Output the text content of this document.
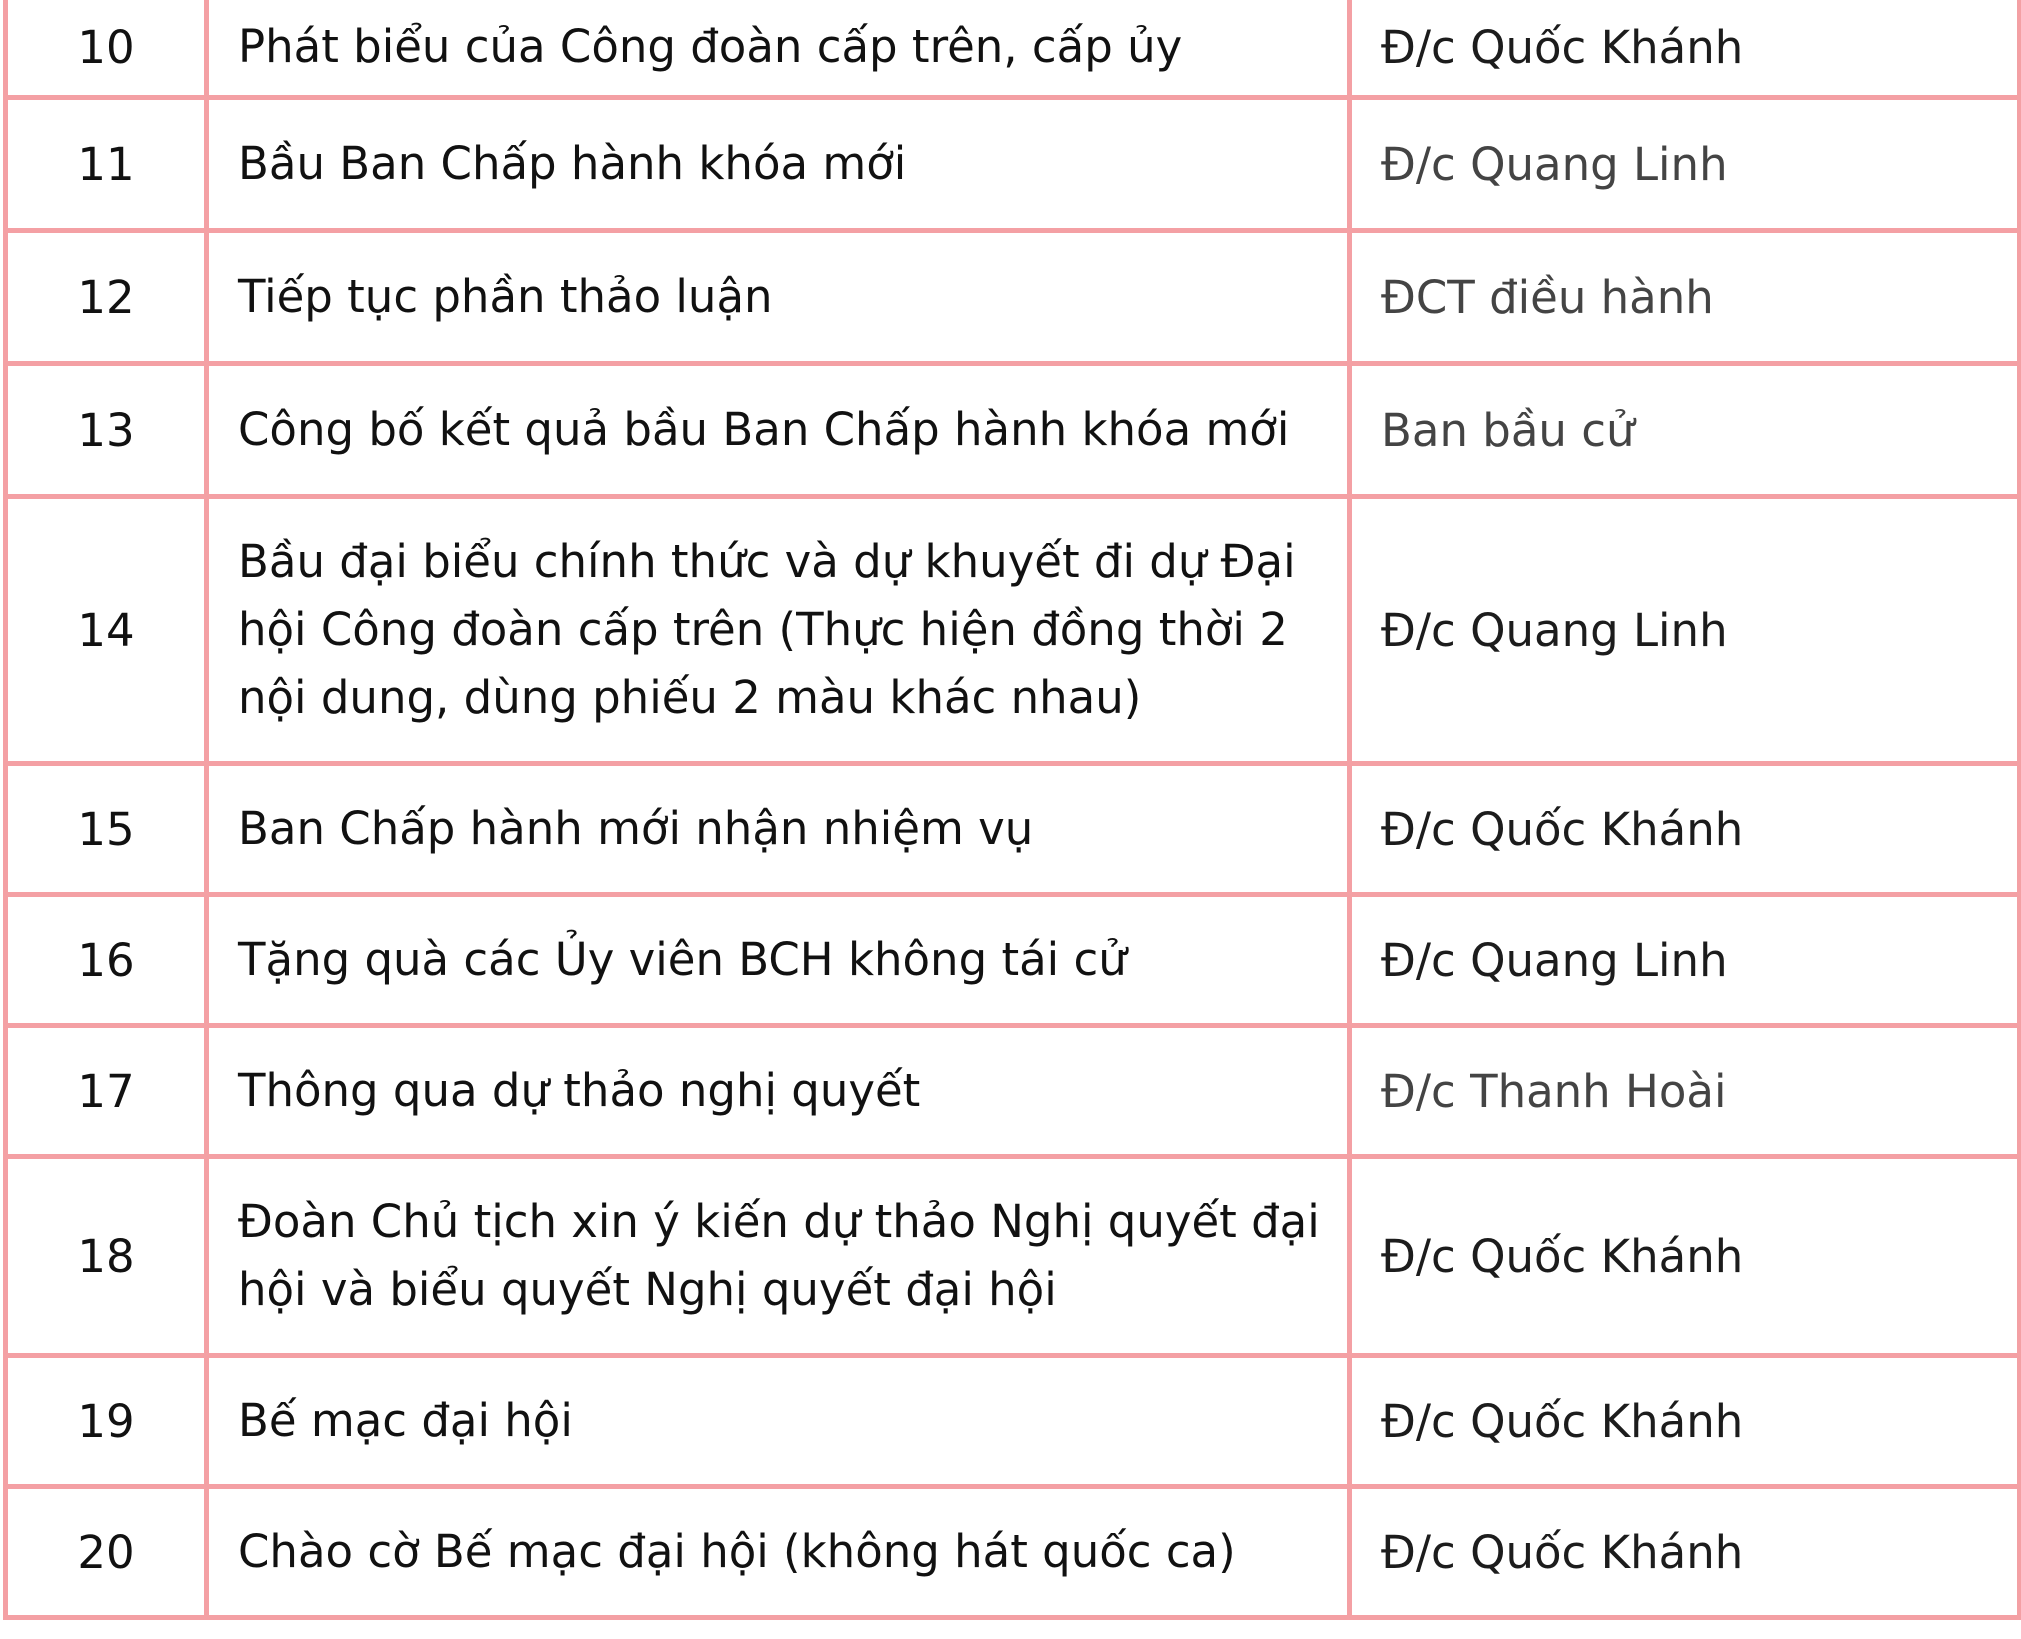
10	Phát biểu của Công đoàn cấp trên, cấp ủy	Đ/c Quốc Khánh
11	Bầu Ban Chấp hành khóa mới	Đ/c Quang Linh
12	Tiếp tục phần thảo luận	ĐCT điều hành
13	Công bố kết quả bầu Ban Chấp hành khóa mới	Ban bầu cử
14	Bầu đại biểu chính thức và dự khuyết đi dự Đại hội Công đoàn cấp trên (Thực hiện đồng thời 2 nội dung, dùng phiếu 2 màu khác nhau)	Đ/c Quang Linh
15	Ban Chấp hành mới nhận nhiệm vụ	Đ/c Quốc Khánh
16	Tặng quà các Ủy viên BCH không tái cử	Đ/c Quang Linh
17	Thông qua dự thảo nghị quyết	Đ/c Thanh Hoài
18	Đoàn Chủ tịch xin ý kiến dự thảo Nghị quyết đại hội và biểu quyết Nghị quyết đại hội	Đ/c Quốc Khánh
19	Bế mạc đại hội	Đ/c Quốc Khánh
20	Chào cờ Bế mạc đại hội (không hát quốc ca)	Đ/c Quốc Khánh
